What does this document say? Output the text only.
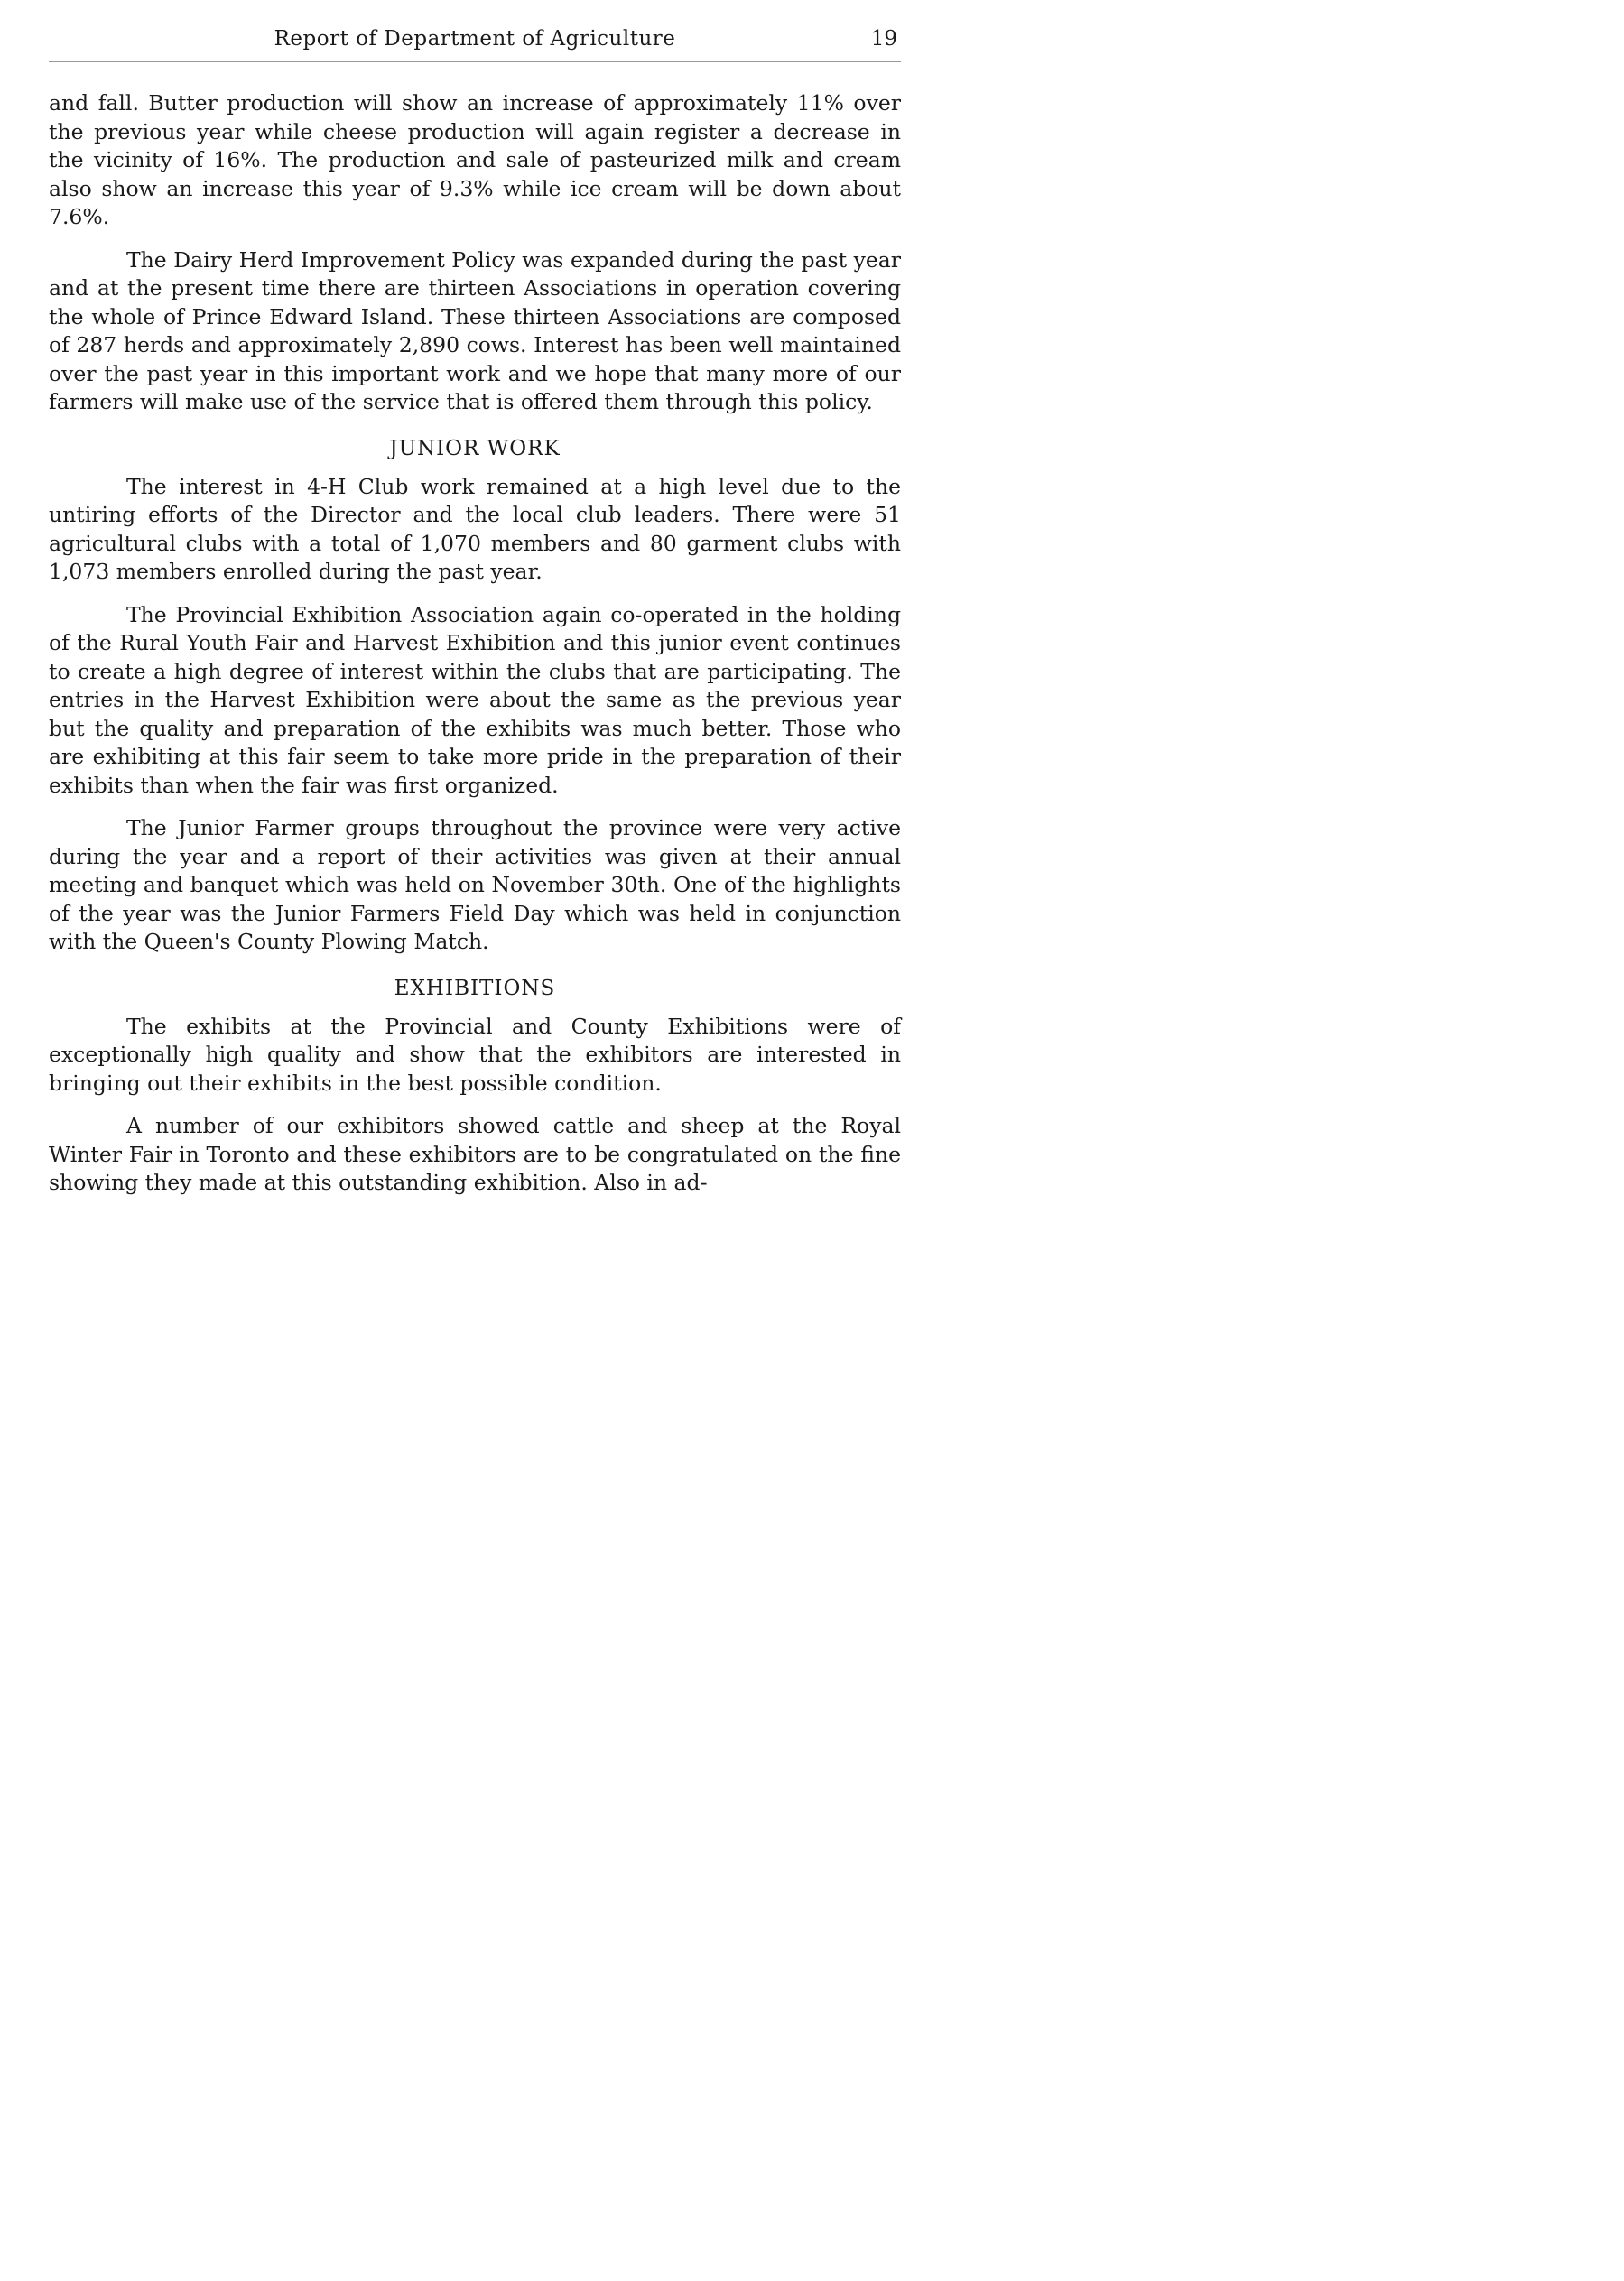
Report of Department of Agriculture	19

and fall. Butter production will show an increase of approximately 11% over the previous year while cheese production will again register a decrease in the vicinity of 16%. The production and sale of pasteurized milk and cream also show an increase this year of 9.3% while ice cream will be down about 7.6%.

The Dairy Herd Improvement Policy was expanded during the past year and at the present time there are thirteen Associations in operation covering the whole of Prince Edward Island. These thirteen Associations are composed of 287 herds and approximately 2,890 cows. Interest has been well maintained over the past year in this important work and we hope that many more of our farmers will make use of the service that is offered them through this policy.

JUNIOR WORK

The interest in 4-H Club work remained at a high level due to the untiring efforts of the Director and the local club leaders. There were 51 agricultural clubs with a total of 1,070 members and 80 garment clubs with 1,073 members enrolled during the past year.

The Provincial Exhibition Association again co-operated in the holding of the Rural Youth Fair and Harvest Exhibition and this junior event continues to create a high degree of interest within the clubs that are participating. The entries in the Harvest Exhibition were about the same as the previous year but the quality and preparation of the exhibits was much better. Those who are exhibiting at this fair seem to take more pride in the preparation of their exhibits than when the fair was first organized.

The Junior Farmer groups throughout the province were very active during the year and a report of their activities was given at their annual meeting and banquet which was held on November 30th. One of the highlights of the year was the Junior Farmers Field Day which was held in conjunction with the Queen's County Plowing Match.

EXHIBITIONS

The exhibits at the Provincial and County Exhibitions were of exceptionally high quality and show that the exhibitors are interested in bringing out their exhibits in the best possible condition.

A number of our exhibitors showed cattle and sheep at the Royal Winter Fair in Toronto and these exhibitors are to be congratulated on the fine showing they made at this outstanding exhibition. Also in ad-
